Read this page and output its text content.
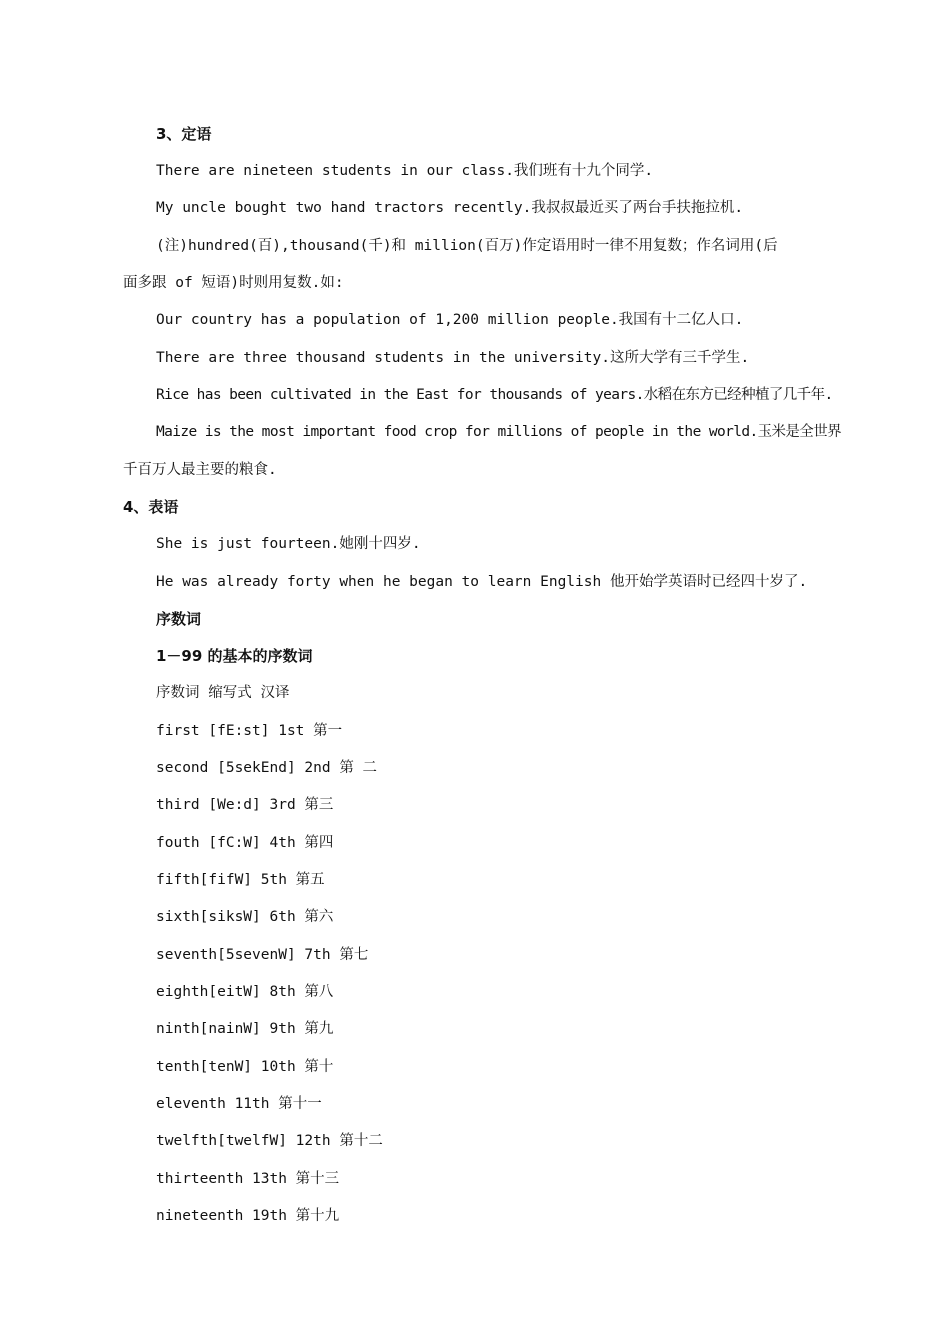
3、定语
There are nineteen students in our class.我们班有十九个同学.
My uncle bought two hand tractors recently.我叔叔最近买了两台手扶拖拉机.
(注)hundred(百),thousand(千)和 million(百万)作定语用时一律不用复数；作名词用(后
面多跟 of 短语)时则用复数.如:
Our country has a population of 1,200 million people.我国有十二亿人口.
There are three thousand students in the university.这所大学有三千学生.
Rice has been cultivated in the East for thousands of years.水稻在东方已经种植了几千年.
Maize is the most important food crop for millions of people in the world.玉米是全世界
千百万人最主要的粮食.
4、表语
She is just fourteen.她刚十四岁.
He was already forty when he began to learn English 他开始学英语时已经四十岁了.
序数词
1－99 的基本的序数词
序数词 缩写式 汉译
first [fE:st] 1st 第一
second [5sekEnd] 2nd 第 二
third [We:d] 3rd 第三
fouth [fC:W] 4th 第四
fifth[fifW] 5th 第五
sixth[siksW] 6th 第六
seventh[5sevenW] 7th 第七
eighth[eitW] 8th 第八
ninth[nainW] 9th 第九
tenth[tenW] 10th 第十
eleventh 11th 第十一
twelfth[twelfW] 12th 第十二
thirteenth 13th 第十三
nineteenth 19th 第十九
